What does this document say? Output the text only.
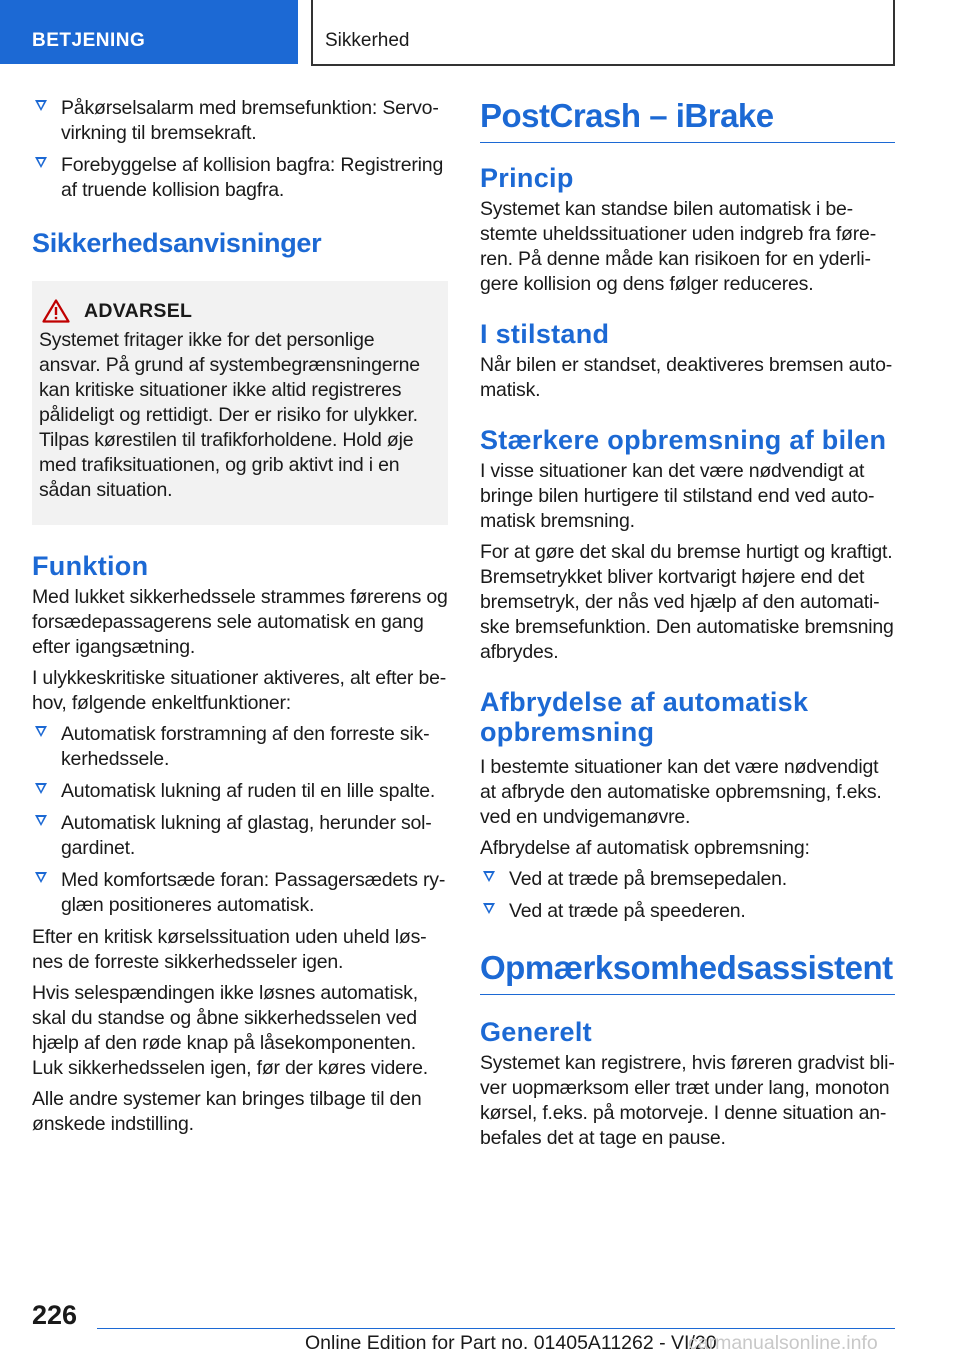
BETJENING	Sikkerhed
Påkørselsalarm med bremsefunktion: Servovirkning til bremsekraft.
Forebyggelse af kollision bagfra: Registrering af truende kollision bagfra.
Sikkerhedsanvisninger
ADVARSEL

Systemet fritager ikke for det personlige ansvar. På grund af systembegrænsningerne kan kritiske situationer ikke altid registreres pålideligt og rettidigt. Der er risiko for ulykker. Tilpas kørestilen til trafikforholdene. Hold øje med trafiksituationen, og grib aktivt ind i en sådan situation.

Funktion

Med lukket sikkerhedssele strammes førerens og forsædepassagerens sele automatisk en gang efter igangsætning.

I ulykkeskritiske situationer aktiveres, alt efter behov, følgende enkeltfunktioner:

Automatisk forstramning af den forreste sikkerhedssele.
Automatisk lukning af ruden til en lille spalte.
Automatisk lukning af glastag, herunder solgardinet.
Med komfortsæde foran: Passagersædets ryglæn positioneres automatisk.

Efter en kritisk kørselssituation uden uheld løsnes de forreste sikkerhedsseler igen.

Hvis selespændingen ikke løsnes automatisk, skal du standse og åbne sikkerhedsselen ved hjælp af den røde knap på låsekomponenten. Luk sikkerhedsselen igen, før der køres videre.

Alle andre systemer kan bringes tilbage til den ønskede indstilling.

PostCrash – iBrake
Princip

Systemet kan standse bilen automatisk i bestemte uheldssituationer uden indgreb fra føreren. På denne måde kan risikoen for en yderligere kollision og dens følger reduceres.

I stilstand

Når bilen er standset, deaktiveres bremsen automatisk.

Stærkere opbremsning af bilen

I visse situationer kan det være nødvendigt at bringe bilen hurtigere til stilstand end ved automatisk bremsning.

For at gøre det skal du bremse hurtigt og kraftigt. Bremsetrykket bliver kortvarigt højere end det bremsetryk, der nås ved hjælp af den automatiske bremsefunktion. Den automatiske bremsning afbrydes.

Afbrydelse af automatisk opbremsning

I bestemte situationer kan det være nødvendigt at afbryde den automatiske opbremsning, f.eks. ved en undvigemanøvre.

Afbrydelse af automatisk opbremsning:

Ved at træde på bremsepedalen.
Ved at træde på speederen.
Opmærksomhedsassistent
Generelt

Systemet kan registrere, hvis føreren gradvist bliver uopmærksom eller træt under lang, monoton kørsel, f.eks. på motorveje. I denne situation anbefales det at tage en pause.

226
Online Edition for Part no. 01405A11262 - VI/20
carmanualsonline.info
